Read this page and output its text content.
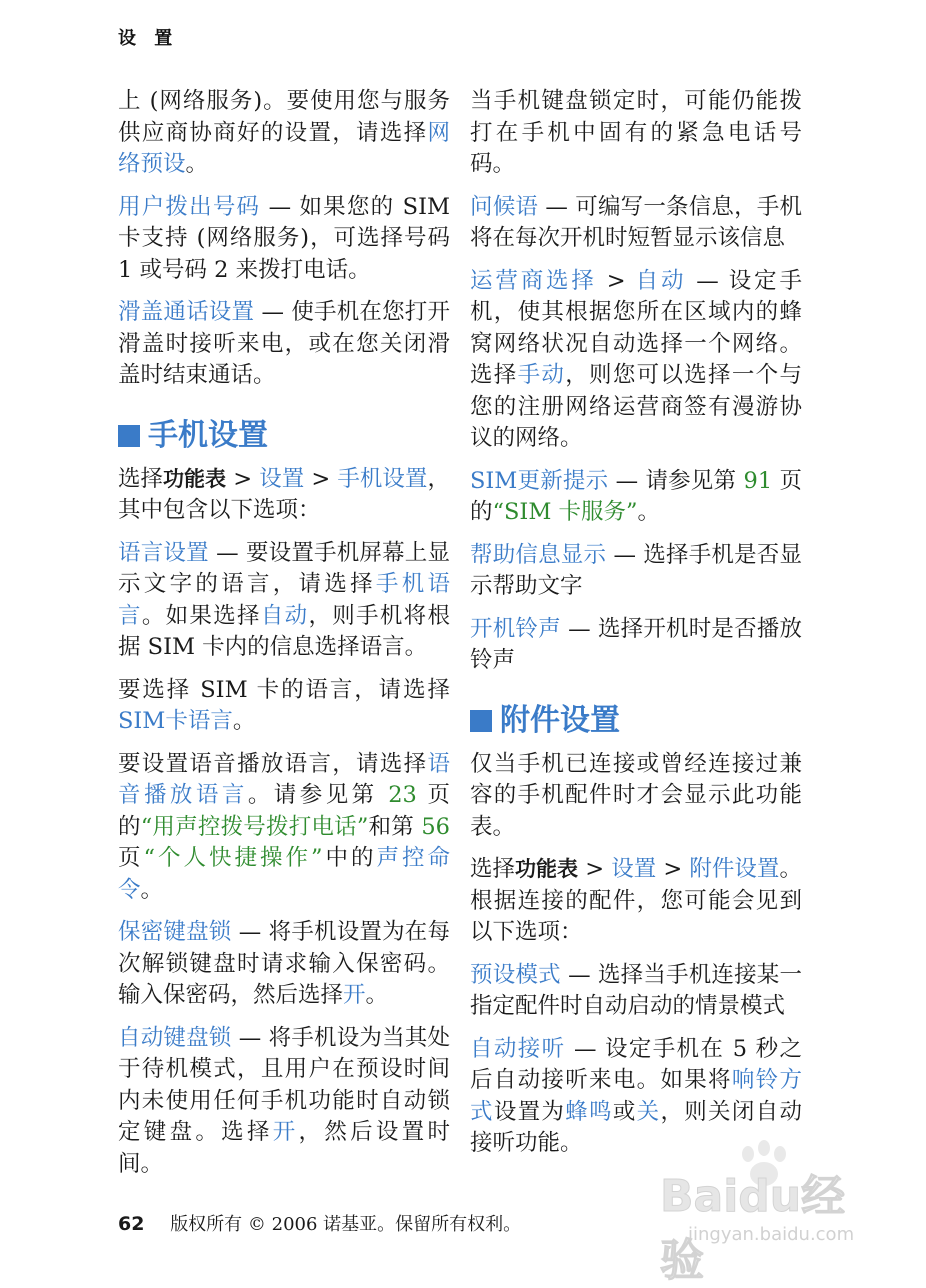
设 置

上 (网络服务)。要使用您与服务供应商协商好的设置，请选择网络预设。

用户拨出号码 — 如果您的 SIM 卡支持 (网络服务)，可选择号码 1 或号码 2 来拨打电话。

滑盖通话设置 — 使手机在您打开滑盖时接听来电，或在您关闭滑盖时结束通话。

手机设置

选择功能表 > 设置 > 手机设置，其中包含以下选项：

语言设置 — 要设置手机屏幕上显示文字的语言，请选择手机语言。如果选择自动，则手机将根据 SIM 卡内的信息选择语言。

要选择 SIM 卡的语言，请选择 SIM卡语言。

要设置语音播放语言，请选择语音播放语言。请参见第 23 页的“用声控拨号拨打电话”和第 56 页“个人快捷操作”中的声控命令。

保密键盘锁 — 将手机设置为在每次解锁键盘时请求输入保密码。输入保密码，然后选择开。

自动键盘锁 — 将手机设为当其处于待机模式，且用户在预设时间内未使用任何手机功能时自动锁定键盘。选择开，然后设置时间。

当手机键盘锁定时，可能仍能拨打在手机中固有的紧急电话号码。

问候语 — 可编写一条信息，手机将在每次开机时短暂显示该信息

运营商选择 > 自动 — 设定手机，使其根据您所在区域内的蜂窝网络状况自动选择一个网络。选择手动，则您可以选择一个与您的注册网络运营商签有漫游协议的网络。

SIM更新提示 — 请参见第 91 页的“SIM 卡服务”。

帮助信息显示 — 选择手机是否显示帮助文字

开机铃声 — 选择开机时是否播放铃声

附件设置

仅当手机已连接或曾经连接过兼容的手机配件时才会显示此功能表。

选择功能表 > 设置 > 附件设置。根据连接的配件，您可能会见到以下选项：

预设模式 — 选择当手机连接某一指定配件时自动启动的情景模式

自动接听 — 设定手机在 5 秒之后自动接听来电。如果将响铃方式设置为蜂鸣或关，则关闭自动接听功能。

62 版权所有 © 2006 诺基亚。保留所有权利。
Baidu经验
jingyan.baidu.com
